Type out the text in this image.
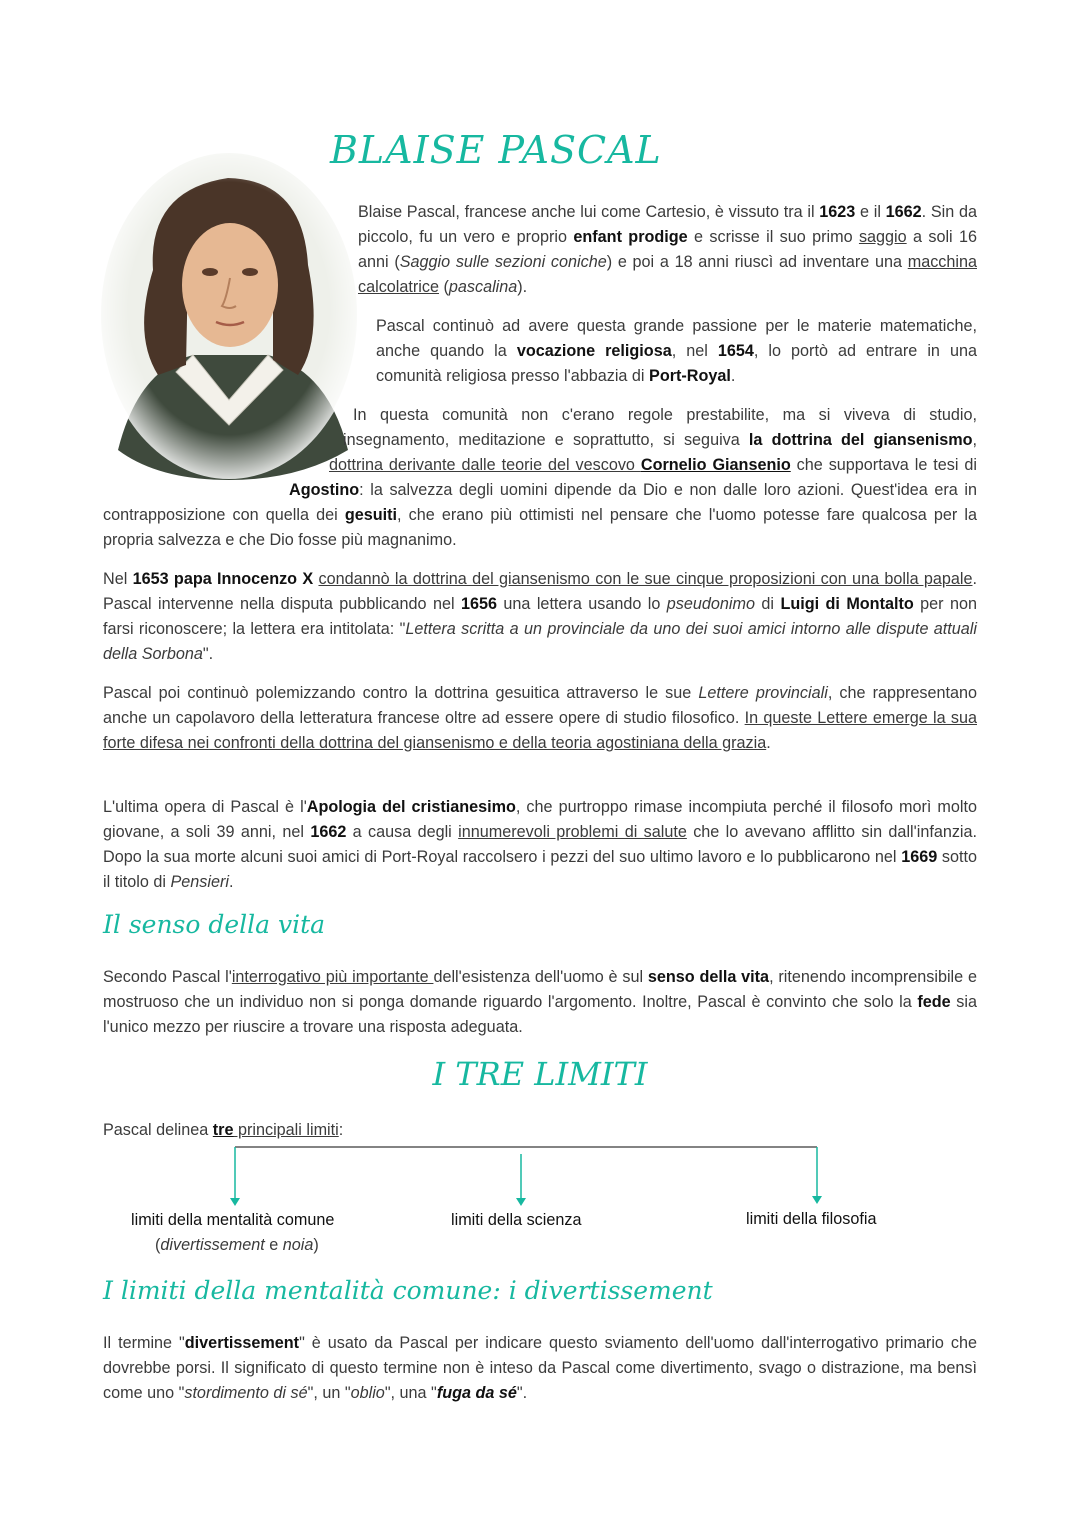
BLAISE PASCAL

Blaise Pascal, francese anche lui come Cartesio, è vissuto tra il 1623 e il 1662. Sin da piccolo, fu un vero e proprio enfant prodige e scrisse il suo primo saggio a soli 16 anni (Saggio sulle sezioni coniche) e poi a 18 anni riuscì ad inventare una macchina calcolatrice (pascalina).

Pascal continuò ad avere questa grande passione per le materie matematiche, anche quando la vocazione religiosa, nel 1654, lo portò ad entrare in una comunità religiosa presso l'abbazia di Port-Royal.

In questa comunità non c'erano regole prestabilite, ma si viveva di studio, insegnamento, meditazione e soprattutto, si seguiva la dottrina del giansenismo, dottrina derivante dalle teorie del vescovo Cornelio Giansenio che supportava le tesi di Agostino: la salvezza degli uomini dipende da Dio e non dalle loro azioni. Quest'idea era in contrapposizione con quella dei gesuiti, che erano più ottimisti nel pensare che l'uomo potesse fare qualcosa per la propria salvezza e che Dio fosse più magnanimo.

Nel 1653 papa Innocenzo X condannò la dottrina del giansenismo con le sue cinque proposizioni con una bolla papale. Pascal intervenne nella disputa pubblicando nel 1656 una lettera usando lo pseudonimo di Luigi di Montalto per non farsi riconoscere; la lettera era intitolata: "Lettera scritta a un provinciale da uno dei suoi amici intorno alle dispute attuali della Sorbona".

Pascal poi continuò polemizzando contro la dottrina gesuitica attraverso le sue Lettere provinciali, che rappresentano anche un capolavoro della letteratura francese oltre ad essere opere di studio filosofico. In queste Lettere emerge la sua forte difesa nei confronti della dottrina del giansenismo e della teoria agostiniana della grazia.

L'ultima opera di Pascal è l'Apologia del cristianesimo, che purtroppo rimase incompiuta perché il filosofo morì molto giovane, a soli 39 anni, nel 1662 a causa degli innumerevoli problemi di salute che lo avevano afflitto sin dall'infanzia. Dopo la sua morte alcuni suoi amici di Port-Royal raccolsero i pezzi del suo ultimo lavoro e lo pubblicarono nel 1669 sotto il titolo di Pensieri.

Il senso della vita

Secondo Pascal l'interrogativo più importante dell'esistenza dell'uomo è sul senso della vita, ritenendo incomprensibile e mostruoso che un individuo non si ponga domande riguardo l'argomento. Inoltre, Pascal è convinto che solo la fede sia l'unico mezzo per riuscire a trovare una risposta adeguata.

I TRE LIMITI

Pascal delinea tre principali limiti:

limiti della mentalità comune
(divertissement e noia)
limiti della scienza	limiti della filosofia
I limiti della mentalità comune: i divertissement

Il termine "divertissement" è usato da Pascal per indicare questo sviamento dell'uomo dall'interrogativo primario che dovrebbe porsi. Il significato di questo termine non è inteso da Pascal come divertimento, svago o distrazione, ma bensì come uno "stordimento di sé", un "oblio", una "fuga da sé".
